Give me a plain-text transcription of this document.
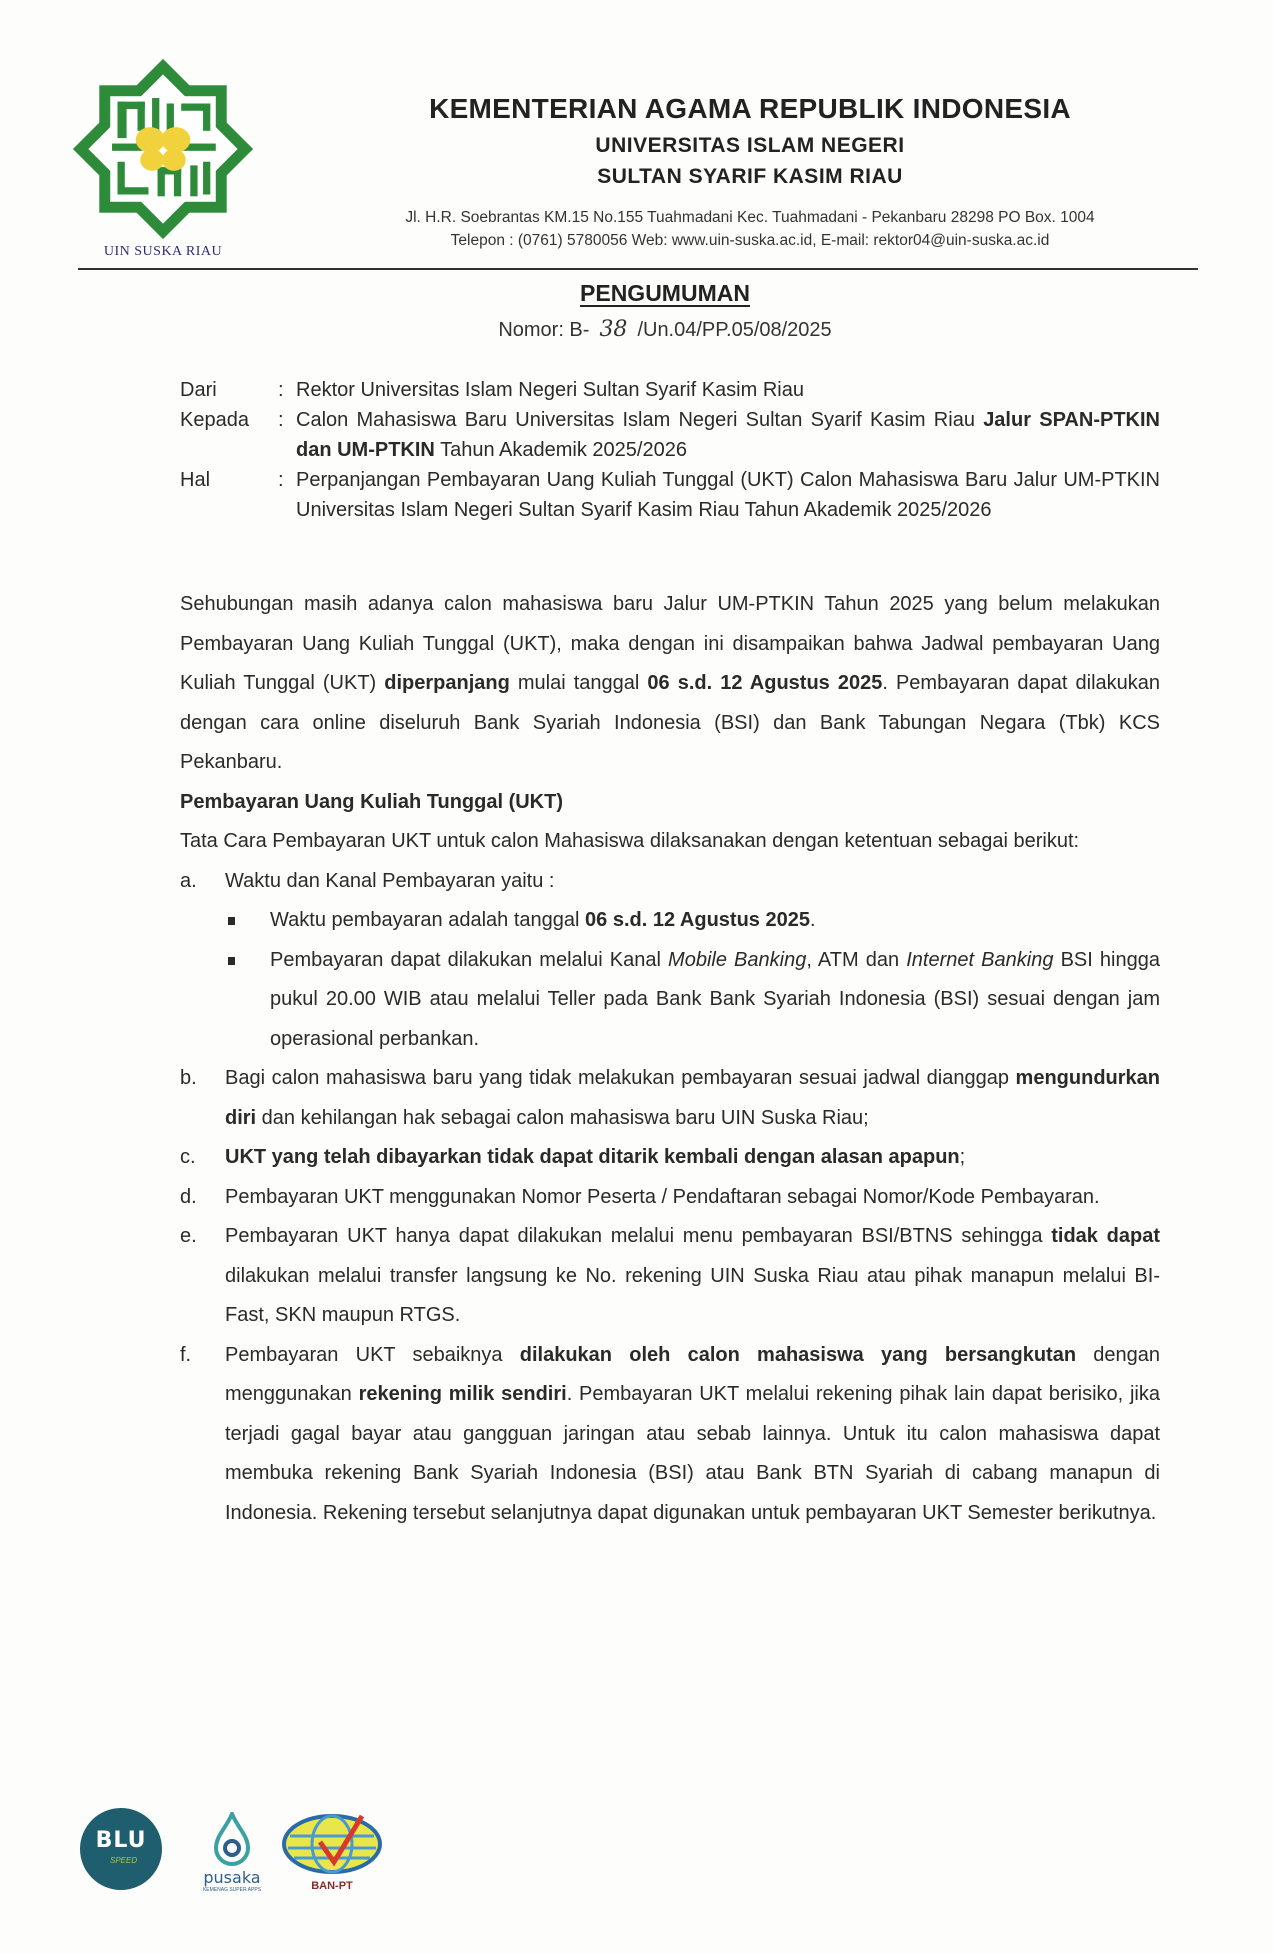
UIN SUSKA RIAU
KEMENTERIAN AGAMA REPUBLIK INDONESIA
UNIVERSITAS ISLAM NEGERI
SULTAN SYARIF KASIM RIAU
Jl. H.R. Soebrantas KM.15 No.155 Tuahmadani Kec. Tuahmadani - Pekanbaru 28298 PO Box. 1004
Telepon : (0761) 5780056 Web: www.uin-suska.ac.id, E-mail: rektor04@uin-suska.ac.id
PENGUMUMAN
Nomor: B- 38 /Un.04/PP.05/08/2025
Dari	: Rektor Universitas Islam Negeri Sultan Syarif Kasim Riau
Kepada	: Calon Mahasiswa Baru Universitas Islam Negeri Sultan Syarif Kasim Riau Jalur SPAN-PTKIN dan UM-PTKIN Tahun Akademik 2025/2026
Hal	: Perpanjangan Pembayaran Uang Kuliah Tunggal (UKT) Calon Mahasiswa Baru Jalur UM-PTKIN Universitas Islam Negeri Sultan Syarif Kasim Riau Tahun Akademik 2025/2026

Sehubungan masih adanya calon mahasiswa baru Jalur UM-PTKIN Tahun 2025 yang belum melakukan Pembayaran Uang Kuliah Tunggal (UKT), maka dengan ini disampaikan bahwa Jadwal pembayaran Uang Kuliah Tunggal (UKT) diperpanjang mulai tanggal 06 s.d. 12 Agustus 2025. Pembayaran dapat dilakukan dengan cara online diseluruh Bank Syariah Indonesia (BSI) dan Bank Tabungan Negara (Tbk) KCS Pekanbaru.

Pembayaran Uang Kuliah Tunggal (UKT)

Tata Cara Pembayaran UKT untuk calon Mahasiswa dilaksanakan dengan ketentuan sebagai berikut:

a.	Waktu dan Kanal Pembayaran yaitu :
Waktu pembayaran adalah tanggal 06 s.d. 12 Agustus 2025.
Pembayaran dapat dilakukan melalui Kanal Mobile Banking, ATM dan Internet Banking BSI hingga pukul 20.00 WIB atau melalui Teller pada Bank Bank Syariah Indonesia (BSI) sesuai dengan jam operasional perbankan.
b.	Bagi calon mahasiswa baru yang tidak melakukan pembayaran sesuai jadwal dianggap mengundurkan diri dan kehilangan hak sebagai calon mahasiswa baru UIN Suska Riau;
c.	UKT yang telah dibayarkan tidak dapat ditarik kembali dengan alasan apapun;
d.	Pembayaran UKT menggunakan Nomor Peserta / Pendaftaran sebagai Nomor/Kode Pembayaran.
e.	Pembayaran UKT hanya dapat dilakukan melalui menu pembayaran BSI/BTNS sehingga tidak dapat dilakukan melalui transfer langsung ke No. rekening UIN Suska Riau atau pihak manapun melalui BI-Fast, SKN maupun RTGS.
f.	Pembayaran UKT sebaiknya dilakukan oleh calon mahasiswa yang bersangkutan dengan menggunakan rekening milik sendiri. Pembayaran UKT melalui rekening pihak lain dapat berisiko, jika terjadi gagal bayar atau gangguan jaringan atau sebab lainnya. Untuk itu calon mahasiswa dapat membuka rekening Bank Syariah Indonesia (BSI) atau Bank BTN Syariah di cabang manapun di Indonesia. Rekening tersebut selanjutnya dapat digunakan untuk pembayaran UKT Semester berikutnya.
BLU
SPEED
pusaka
KEMENAG SUPER APPS	BAN-PT
